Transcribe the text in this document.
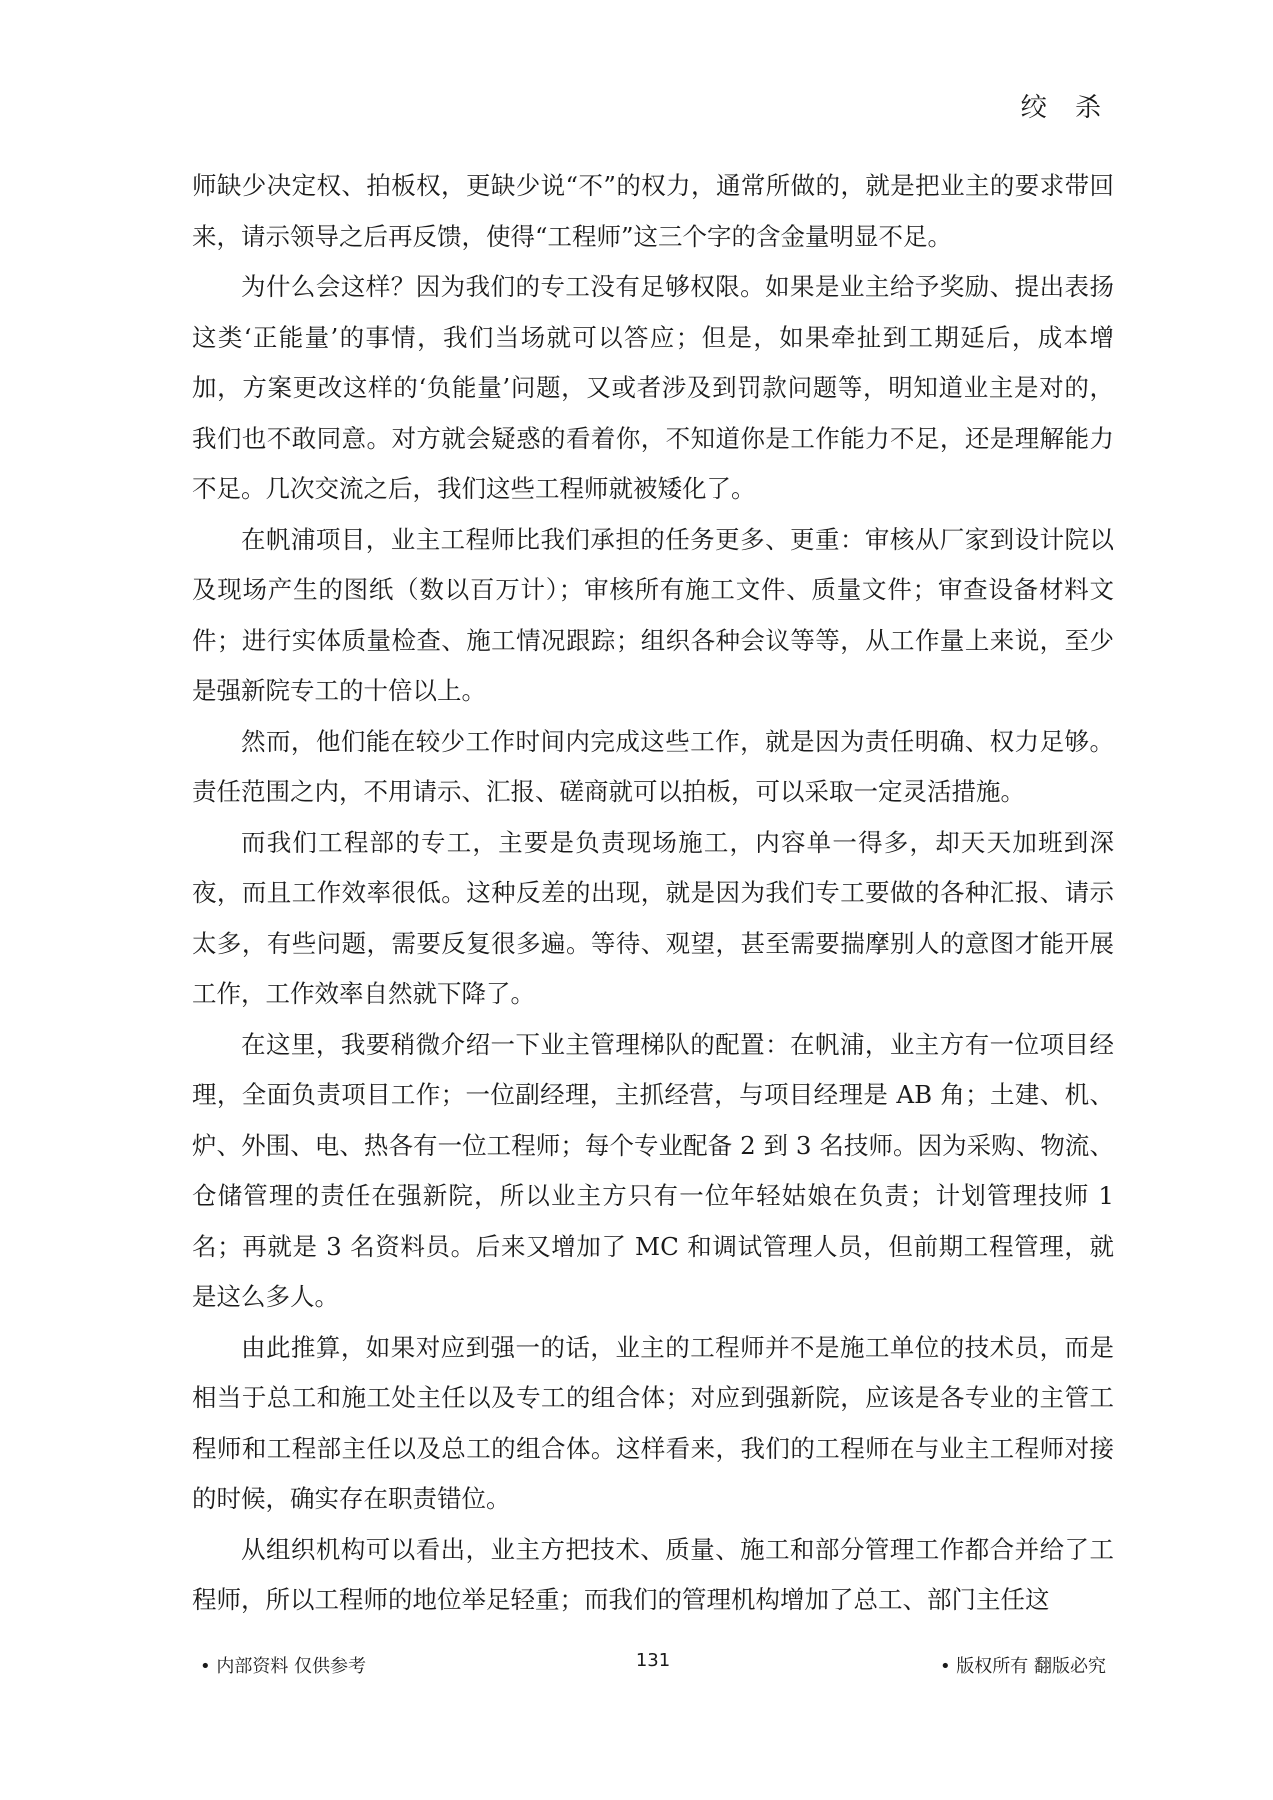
绞 杀

师缺少决定权、拍板权，更缺少说“不”的权力，通常所做的，就是把业主的要求带回来，请示领导之后再反馈，使得“工程师”这三个字的含金量明显不足。

为什么会这样？因为我们的专工没有足够权限。如果是业主给予奖励、提出表扬这类‘正能量’的事情，我们当场就可以答应；但是，如果牵扯到工期延后，成本增加，方案更改这样的‘负能量’问题，又或者涉及到罚款问题等，明知道业主是对的，我们也不敢同意。对方就会疑惑的看着你，不知道你是工作能力不足，还是理解能力不足。几次交流之后，我们这些工程师就被矮化了。

在帆浦项目，业主工程师比我们承担的任务更多、更重：审核从厂家到设计院以及现场产生的图纸（数以百万计）；审核所有施工文件、质量文件；审查设备材料文件；进行实体质量检查、施工情况跟踪；组织各种会议等等，从工作量上来说，至少是强新院专工的十倍以上。

然而，他们能在较少工作时间内完成这些工作，就是因为责任明确、权力足够。责任范围之内，不用请示、汇报、磋商就可以拍板，可以采取一定灵活措施。

而我们工程部的专工，主要是负责现场施工，内容单一得多，却天天加班到深夜，而且工作效率很低。这种反差的出现，就是因为我们专工要做的各种汇报、请示太多，有些问题，需要反复很多遍。等待、观望，甚至需要揣摩别人的意图才能开展工作，工作效率自然就下降了。

在这里，我要稍微介绍一下业主管理梯队的配置：在帆浦，业主方有一位项目经理，全面负责项目工作；一位副经理，主抓经营，与项目经理是 AB 角；土建、机、炉、外围、电、热各有一位工程师；每个专业配备 2 到 3 名技师。因为采购、物流、仓储管理的责任在强新院，所以业主方只有一位年轻姑娘在负责；计划管理技师 1 名；再就是 3 名资料员。后来又增加了 MC 和调试管理人员，但前期工程管理，就是这么多人。

由此推算，如果对应到强一的话，业主的工程师并不是施工单位的技术员，而是相当于总工和施工处主任以及专工的组合体；对应到强新院，应该是各专业的主管工程师和工程部主任以及总工的组合体。这样看来，我们的工程师在与业主工程师对接的时候，确实存在职责错位。

从组织机构可以看出，业主方把技术、质量、施工和部分管理工作都合并给了工程师，所以工程师的地位举足轻重；而我们的管理机构增加了总工、部门主任这

• 内部资料 仅供参考	131	• 版权所有 翻版必究
